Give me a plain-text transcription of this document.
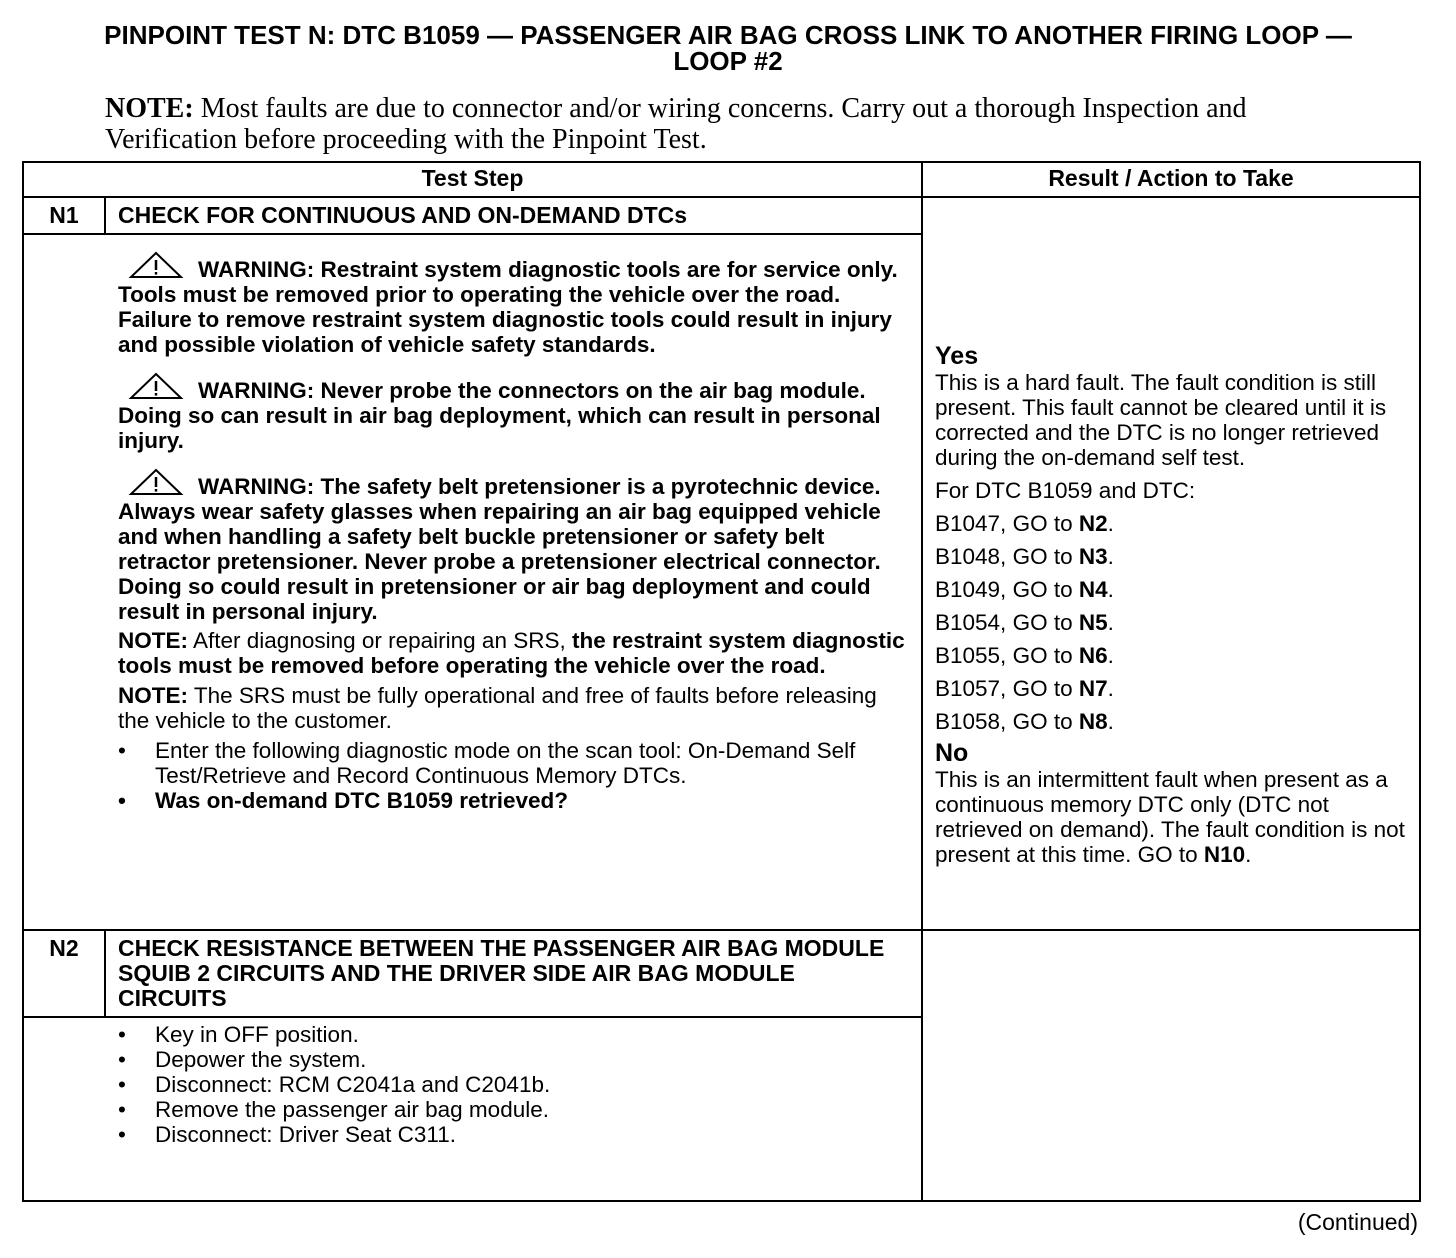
PINPOINT TEST N: DTC B1059 — PASSENGER AIR BAG CROSS LINK TO ANOTHER FIRING LOOP —
LOOP #2
NOTE: Most faults are due to connector and/or wiring concerns. Carry out a thorough Inspection and Verification before proceeding with the Pinpoint Test.
Test Step	Result / Action to Take
N1	CHECK FOR CONTINUOUS AND ON-DEMAND DTCs
WARNING: Restraint system diagnostic tools are for service only. Tools must be removed prior to operating the vehicle over the road. Failure to remove restraint system diagnostic tools could result in injury and possible violation of vehicle safety standards.
WARNING: Never probe the connectors on the air bag module. Doing so can result in air bag deployment, which can result in personal injury.
WARNING: The safety belt pretensioner is a pyrotechnic device. Always wear safety glasses when repairing an air bag equipped vehicle and when handling a safety belt buckle pretensioner or safety belt retractor pretensioner. Never probe a pretensioner electrical connector. Doing so could result in pretensioner or air bag deployment and could result in personal injury.

NOTE: After diagnosing or repairing an SRS, the restraint system diagnostic tools must be removed before operating the vehicle over the road.

NOTE: The SRS must be fully operational and free of faults before releasing the vehicle to the customer.

• Enter the following diagnostic mode on the scan tool: On-Demand Self Test/Retrieve and Record Continuous Memory DTCs.
• Was on-demand DTC B1059 retrieved?

Yes

This is a hard fault. The fault condition is still present. This fault cannot be cleared until it is corrected and the DTC is no longer retrieved during the on-demand self test.

For DTC B1059 and DTC:

B1047, GO to N2.

B1048, GO to N3.

B1049, GO to N4.

B1054, GO to N5.

B1055, GO to N6.

B1057, GO to N7.

B1058, GO to N8.

No

This is an intermittent fault when present as a continuous memory DTC only (DTC not retrieved on demand). The fault condition is not present at this time. GO to N10.

N2	CHECK RESISTANCE BETWEEN THE PASSENGER AIR BAG MODULE SQUIB 2 CIRCUITS AND THE DRIVER SIDE AIR BAG MODULE CIRCUITS
• Key in OFF position.
• Depower the system.
• Disconnect: RCM C2041a and C2041b.
• Remove the passenger air bag module.
• Disconnect: Driver Seat C311.
(Continued)
